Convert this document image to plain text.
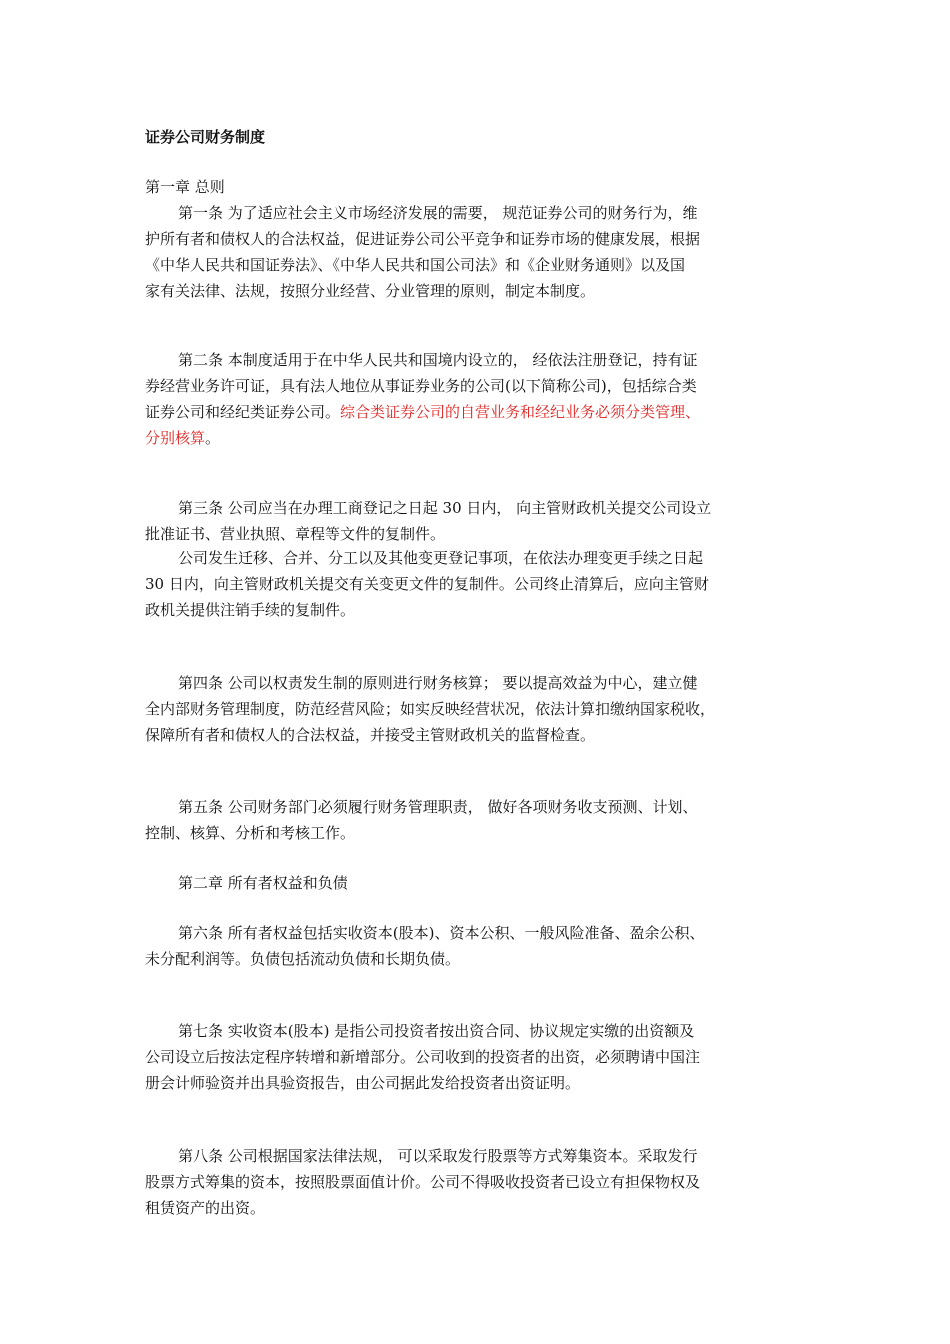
证券公司财务制度
第一章 总则
第一条 为了适应社会主义市场经济发展的需要， 规范证券公司的财务行为，维
护所有者和债权人的合法权益，促进证券公司公平竞争和证券市场的健康发展，根据
《中华人民共和国证券法》、《中华人民共和国公司法》和《企业财务通则》以及国
家有关法律、法规，按照分业经营、分业管理的原则，制定本制度。
第二条 本制度适用于在中华人民共和国境内设立的， 经依法注册登记，持有证
券经营业务许可证，具有法人地位从事证券业务的公司(以下简称公司)，包括综合类
证券公司和经纪类证券公司。综合类证券公司的自营业务和经纪业务必须分类管理、
分别核算。
第三条 公司应当在办理工商登记之日起 30 日内， 向主管财政机关提交公司设立
批准证书、营业执照、章程等文件的复制件。
公司发生迁移、合并、分工以及其他变更登记事项，在依法办理变更手续之日起
30 日内，向主管财政机关提交有关变更文件的复制件。公司终止清算后，应向主管财
政机关提供注销手续的复制件。
第四条 公司以权责发生制的原则进行财务核算； 要以提高效益为中心，建立健
全内部财务管理制度，防范经营风险；如实反映经营状况，依法计算扣缴纳国家税收，
保障所有者和债权人的合法权益，并接受主管财政机关的监督检查。
第五条 公司财务部门必须履行财务管理职责， 做好各项财务收支预测、计划、
控制、核算、分析和考核工作。
第二章 所有者权益和负债
第六条 所有者权益包括实收资本(股本)、资本公积、一般风险准备、盈余公积、
未分配利润等。负债包括流动负债和长期负债。
第七条 实收资本(股本) 是指公司投资者按出资合同、协议规定实缴的出资额及
公司设立后按法定程序转增和新增部分。公司收到的投资者的出资，必须聘请中国注
册会计师验资并出具验资报告，由公司据此发给投资者出资证明。
第八条 公司根据国家法律法规， 可以采取发行股票等方式筹集资本。采取发行
股票方式筹集的资本，按照股票面值计价。公司不得吸收投资者已设立有担保物权及
租赁资产的出资。
